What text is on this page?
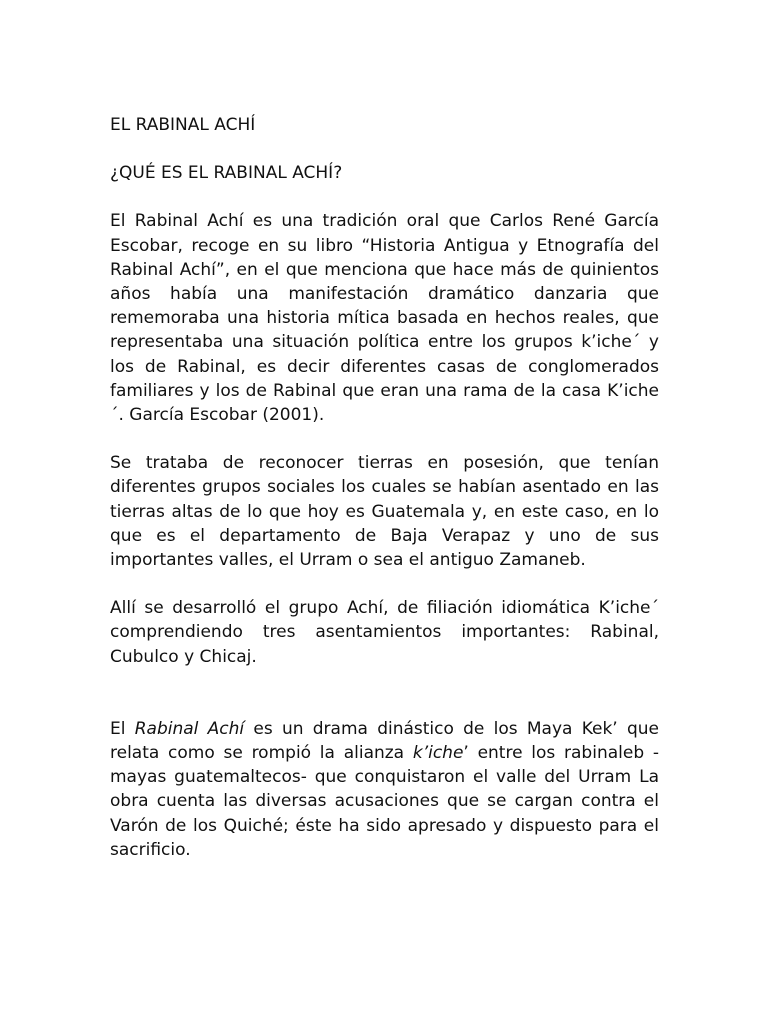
EL RABINAL ACHÍ

¿QUÉ ES EL RABINAL ACHÍ?

El Rabinal Achí es una tradición oral que Carlos René García Escobar, recoge en su libro “Historia Antigua y Etnografía del Rabinal Achí”, en el que menciona que hace más de quinientos años había una manifestación dramático danzaria que rememoraba una historia mítica basada en hechos reales, que representaba una situación política entre los grupos k’iche´ y los de Rabinal, es decir diferentes casas de conglomerados familiares y los de Rabinal que eran una rama de la casa K’iche´. García Escobar (2001).

Se trataba de reconocer tierras en posesión, que tenían diferentes grupos sociales los cuales se habían asentado en las tierras altas de lo que hoy es Guatemala y, en este caso, en lo que es el departamento de Baja Verapaz y uno de sus importantes valles, el Urram o sea el antiguo Zamaneb.

Allí se desarrolló el grupo Achí, de filiación idiomática K’iche´ comprendiendo tres asentamientos importantes: Rabinal, Cubulco y Chicaj.

El Rabinal Achí es un drama dinástico de los Maya Kek’ que relata como se rompió la alianza k’iche’ entre los rabinaleb - mayas guatemaltecos- que conquistaron el valle del Urram La obra cuenta las diversas acusaciones que se cargan contra el Varón de los Quiché; éste ha sido apresado y dispuesto para el sacrificio.
